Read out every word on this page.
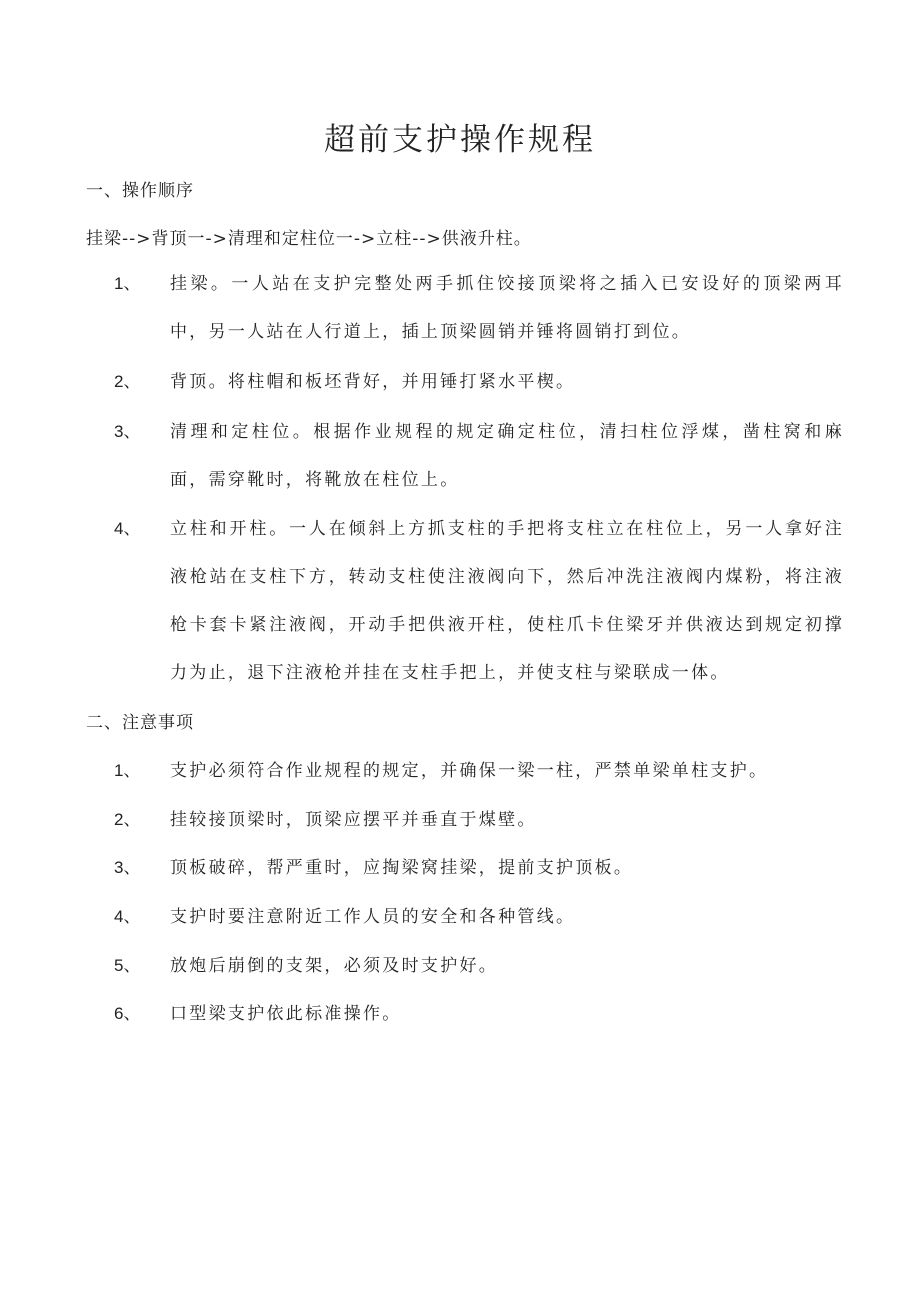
超前支护操作规程
一、操作顺序
挂梁-->背顶一->清理和定柱位一->立柱-->供液升柱。
1、	挂梁。一人站在支护完整处两手抓住饺接顶梁将之插入已安设好的顶梁两耳中，另一人站在人行道上，插上顶梁圆销并锤将圆销打到位。
2、	背顶。将柱帽和板坯背好，并用锤打紧水平楔。
3、	清理和定柱位。根据作业规程的规定确定柱位，清扫柱位浮煤，凿柱窝和麻面，需穿靴时，将靴放在柱位上。
4、	立柱和开柱。一人在倾斜上方抓支柱的手把将支柱立在柱位上，另一人拿好注液枪站在支柱下方，转动支柱使注液阀向下，然后冲洗注液阀内煤粉，将注液枪卡套卡紧注液阀，开动手把供液开柱，使柱爪卡住梁牙并供液达到规定初撑力为止，退下注液枪并挂在支柱手把上，并使支柱与梁联成一体。
二、注意事项
1、	支护必须符合作业规程的规定，并确保一梁一柱，严禁单梁单柱支护。
2、	挂较接顶梁时，顶梁应摆平并垂直于煤壁。
3、	顶板破碎，帮严重时，应掏梁窝挂梁，提前支护顶板。
4、	支护时要注意附近工作人员的安全和各种管线。
5、	放炮后崩倒的支架，必须及时支护好。
6、	口型梁支护依此标准操作。
